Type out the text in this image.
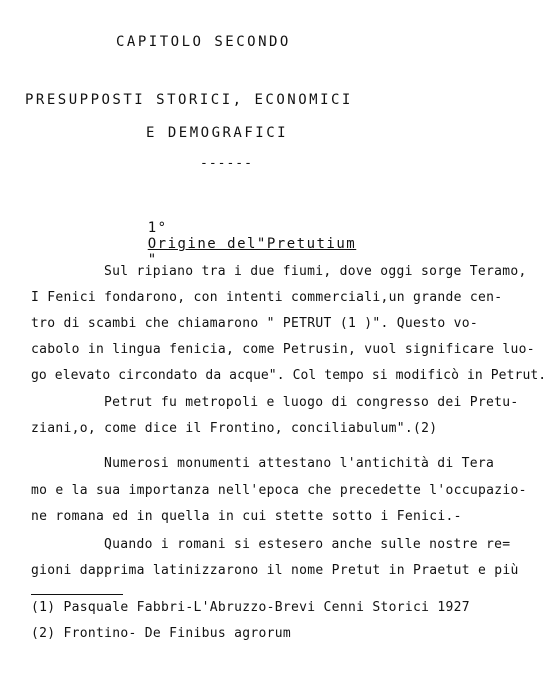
CAPITOLO SECONDO
PRESUPPOSTI STORICI, ECONOMICI
E DEMOGRAFICI
------

1°
Origine del"Pretutium
"

Sul ripiano tra i due fiumi, dove oggi sorge Teramo,
I Fenici fondarono, con intenti commerciali,un grande cen-
tro di scambi che chiamarono " PETRUT (1 )". Questo vo-
cabolo in lingua fenicia, come Petrusin, vuol significare luo-
go elevato circondato da acque". Col tempo si modificò in Petrut.
Petrut fu metropoli e luogo di congresso dei Pretu-
ziani,o, come dice il Frontino, conciliabulum".(2)
Numerosi monumenti attestano l'antichità di Tera
mo e la sua importanza nell'epoca che precedette l'occupazio-
ne romana ed in quella in cui stette sotto i Fenici.-
Quando i romani si estesero anche sulle nostre re=
gioni dapprima latinizzarono il nome Pretut in Praetut e più
(1) Pasquale Fabbri-L'Abruzzo-Brevi Cenni Storici 1927
(2) Frontino- De Finibus agrorum
